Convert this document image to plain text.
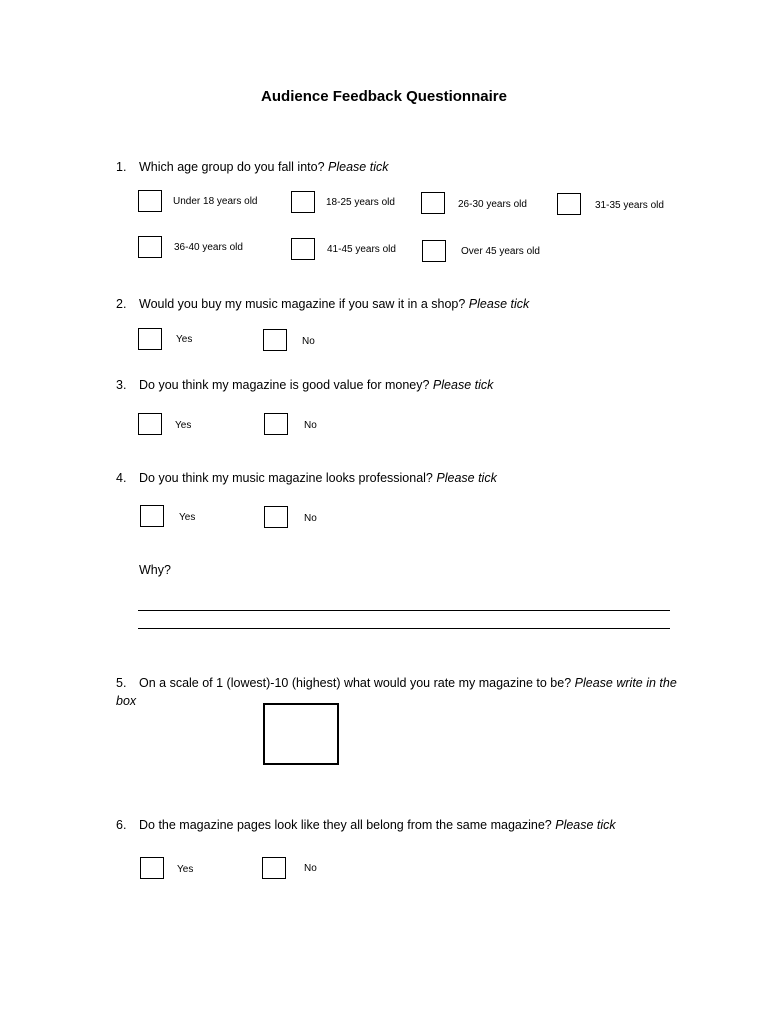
Audience Feedback Questionnaire
1. Which age group do you fall into? Please tick
Under 18 years old	18-25 years old	26-30 years old	31-35 years old
36-40 years old	41-45 years old	Over 45 years old
2. Would you buy my music magazine if you saw it in a shop? Please tick
Yes	No
3. Do you think my magazine is good value for money? Please tick
Yes	No
4. Do you think my music magazine looks professional? Please tick
Yes	No
Why?
5. On a scale of 1 (lowest)-10 (highest) what would you rate my magazine to be? Please write in the box
6. Do the magazine pages look like they all belong from the same magazine? Please tick
Yes	No
